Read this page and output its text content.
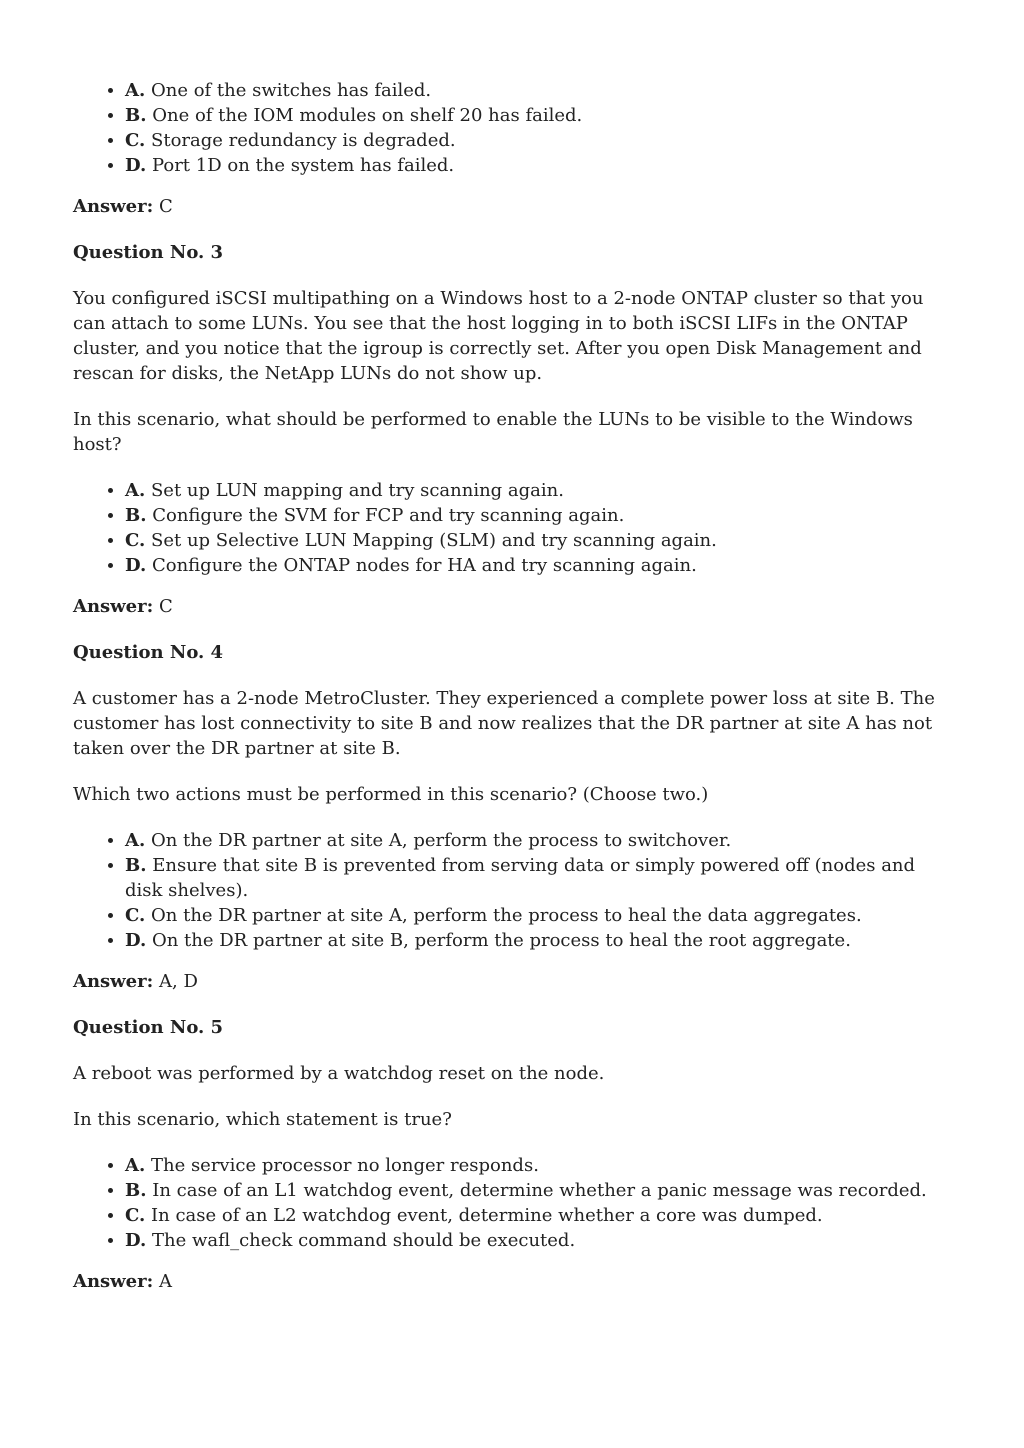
• A. One of the switches has failed.
• B. One of the IOM modules on shelf 20 has failed.
• C. Storage redundancy is degraded.
• D. Port 1D on the system has failed.

Answer: C

Question No. 3

You configured iSCSI multipathing on a Windows host to a 2-node ONTAP cluster so that you can attach to some LUNs. You see that the host logging in to both iSCSI LIFs in the ONTAP cluster, and you notice that the igroup is correctly set. After you open Disk Management and rescan for disks, the NetApp LUNs do not show up.

In this scenario, what should be performed to enable the LUNs to be visible to the Windows host?

• A. Set up LUN mapping and try scanning again.
• B. Configure the SVM for FCP and try scanning again.
• C. Set up Selective LUN Mapping (SLM) and try scanning again.
• D. Configure the ONTAP nodes for HA and try scanning again.

Answer: C

Question No. 4

A customer has a 2-node MetroCluster. They experienced a complete power loss at site B. The customer has lost connectivity to site B and now realizes that the DR partner at site A has not taken over the DR partner at site B.

Which two actions must be performed in this scenario? (Choose two.)

• A. On the DR partner at site A, perform the process to switchover.
• B. Ensure that site B is prevented from serving data or simply powered off (nodes and disk shelves).
• C. On the DR partner at site A, perform the process to heal the data aggregates.
• D. On the DR partner at site B, perform the process to heal the root aggregate.

Answer: A, D

Question No. 5

A reboot was performed by a watchdog reset on the node.

In this scenario, which statement is true?

• A. The service processor no longer responds.
• B. In case of an L1 watchdog event, determine whether a panic message was recorded.
• C. In case of an L2 watchdog event, determine whether a core was dumped.
• D. The wafl_check command should be executed.

Answer: A
